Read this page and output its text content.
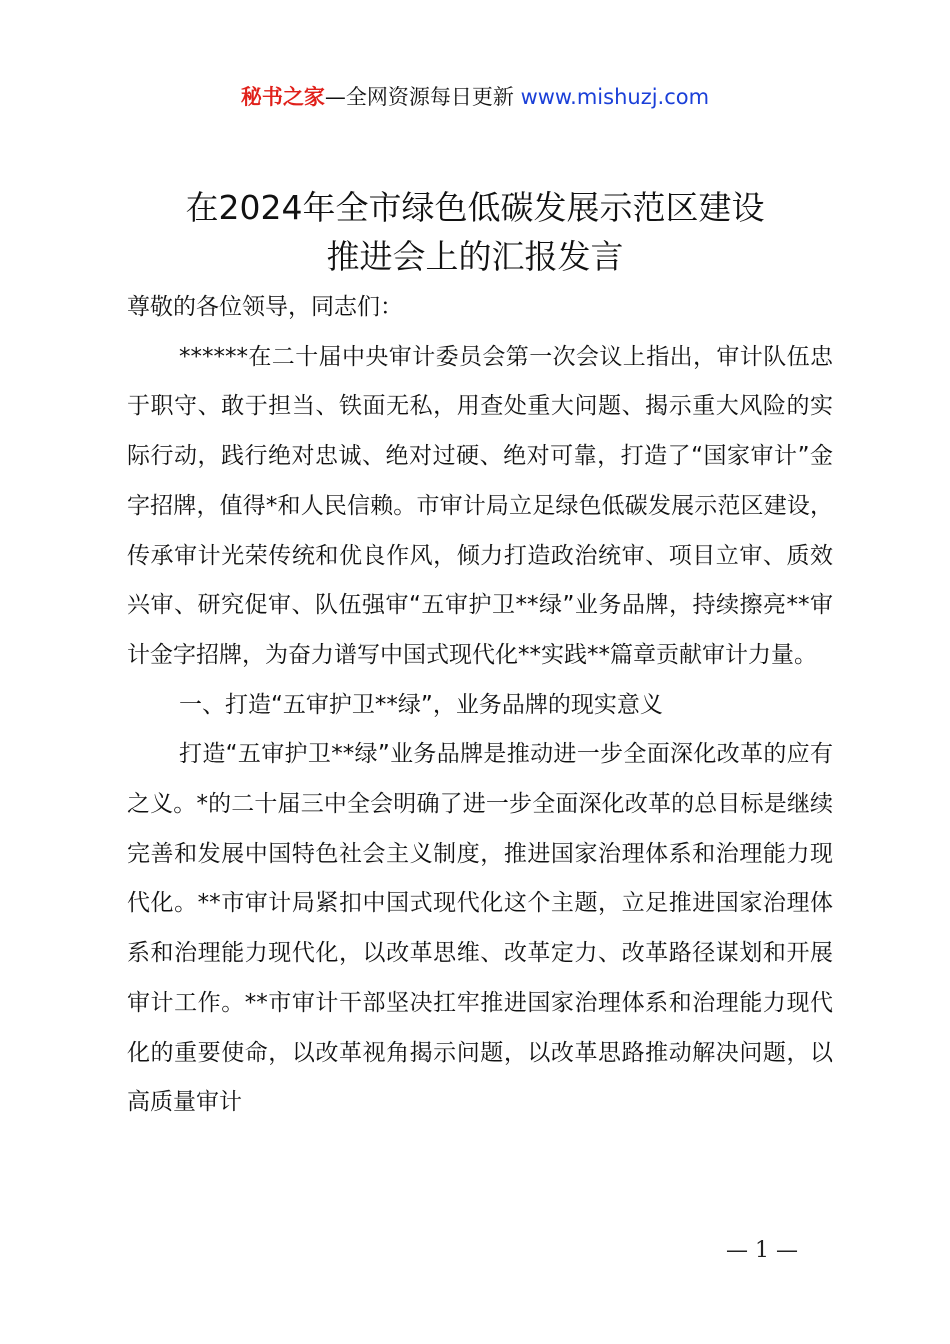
秘书之家—全网资源每日更新 www.mishuzj.com
在2024年全市绿色低碳发展示范区建设
推进会上的汇报发言

尊敬的各位领导，同志们：

******在二十届中央审计委员会第一次会议上指出，审计队伍忠于职守、敢于担当、铁面无私，用查处重大问题、揭示重大风险的实际行动，践行绝对忠诚、绝对过硬、绝对可靠，打造了“国家审计”金字招牌，值得*和人民信赖。市审计局立足绿色低碳发展示范区建设，传承审计光荣传统和优良作风，倾力打造政治统审、项目立审、质效兴审、研究促审、队伍强审“五审护卫**绿”业务品牌，持续擦亮**审计金字招牌，为奋力谱写中国式现代化**实践**篇章贡献审计力量。

一、打造“五审护卫**绿”，业务品牌的现实意义

打造“五审护卫**绿”业务品牌是推动进一步全面深化改革的应有之义。*的二十届三中全会明确了进一步全面深化改革的总目标是继续完善和发展中国特色社会主义制度，推进国家治理体系和治理能力现代化。**市审计局紧扣中国式现代化这个主题，立足推进国家治理体系和治理能力现代化，以改革思维、改革定力、改革路径谋划和开展审计工作。**市审计干部坚决扛牢推进国家治理体系和治理能力现代化的重要使命，以改革视角揭示问题，以改革思路推动解决问题，以高质量审计

— 1 —
